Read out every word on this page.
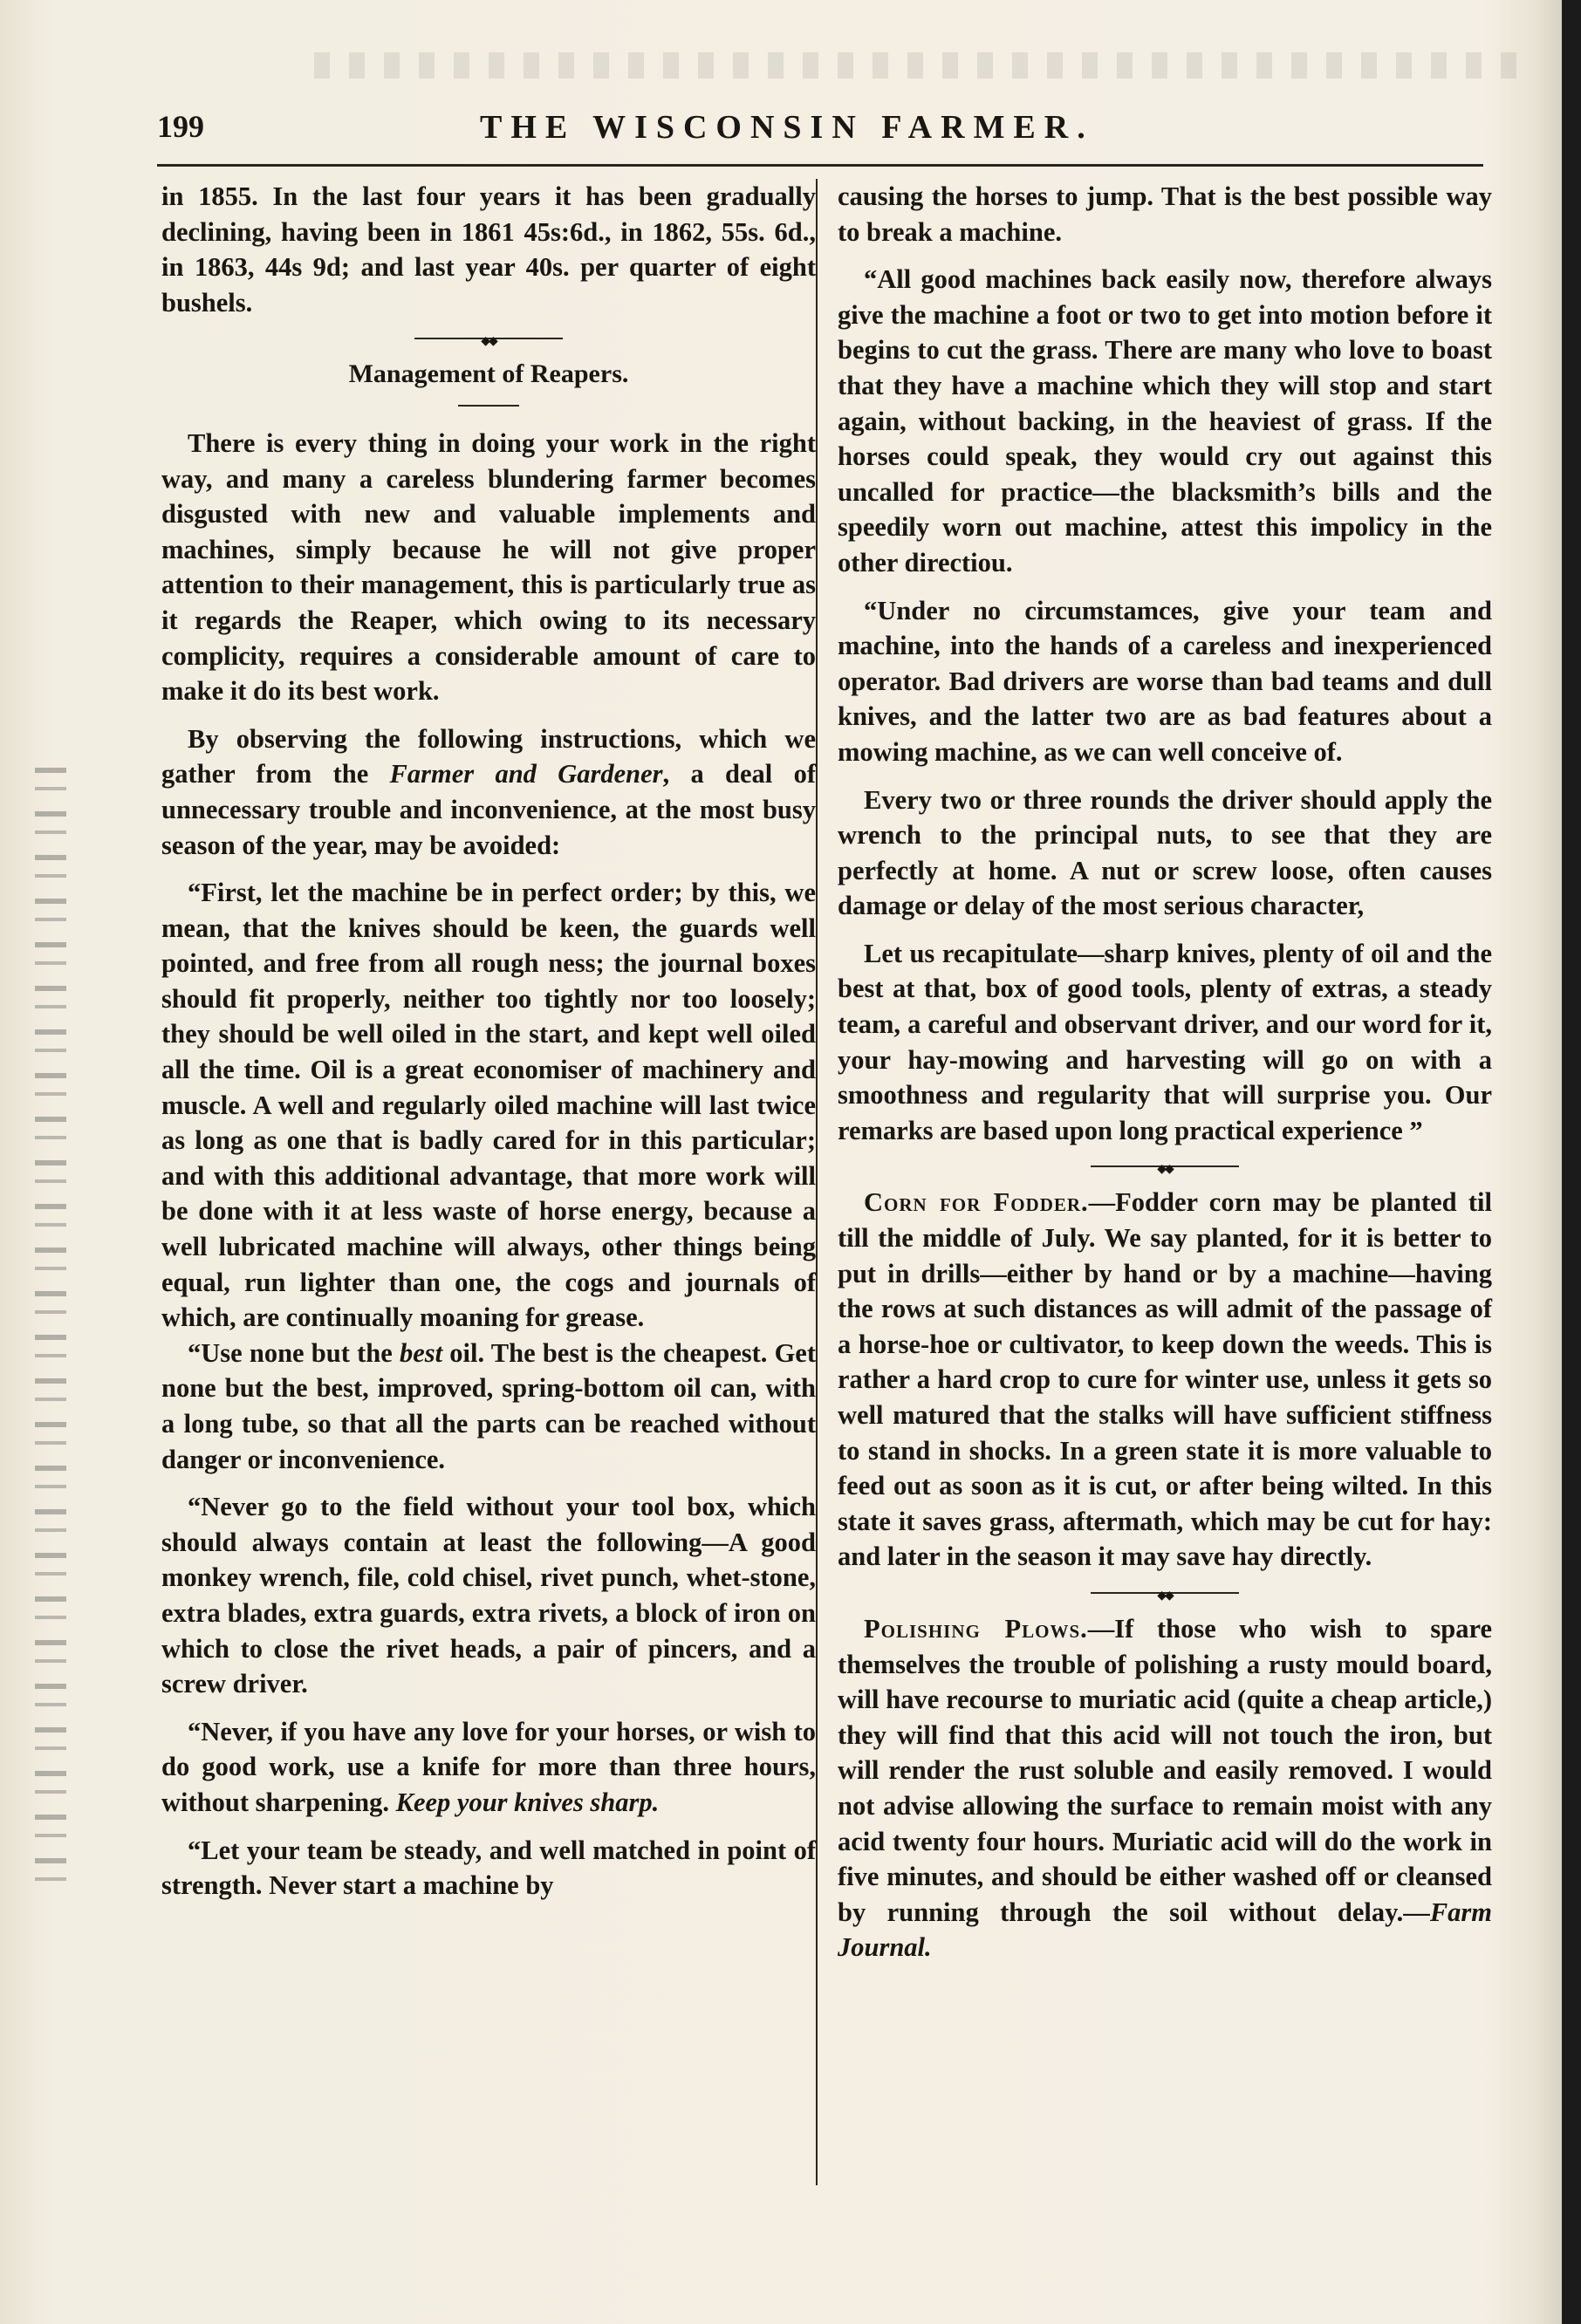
199	THE WISCONSIN FARMER.

in 1855. In the last four years it has been gradually declining, having been in 1861 45s:6d., in 1862, 55s. 6d., in 1863, 44s 9d; and last year 40s. per quarter of eight bushels.

◆◆

Management of Reapers.

There is every thing in doing your work in the right way, and many a careless blundering farmer becomes disgusted with new and valuable implements and machines, simply because he will not give proper attention to their management, this is particularly true as it regards the Reaper, which owing to its necessary complicity, requires a considerable amount of care to make it do its best work.

By observing the following instructions, which we gather from the Farmer and Gardener, a deal of unnecessary trouble and inconvenience, at the most busy season of the year, may be avoided:

“First, let the machine be in perfect order; by this, we mean, that the knives should be keen, the guards well pointed, and free from all rough ness; the journal boxes should fit properly, neither too tightly nor too loosely; they should be well oiled in the start, and kept well oiled all the time. Oil is a great economiser of machinery and muscle. A well and regularly oiled machine will last twice as long as one that is badly cared for in this particular; and with this additional advantage, that more work will be done with it at less waste of horse energy, because a well lubricated machine will always, other things being equal, run lighter than one, the cogs and journals of which, are continually moaning for grease.

“Use none but the best oil. The best is the cheapest. Get none but the best, improved, spring-bottom oil can, with a long tube, so that all the parts can be reached without danger or inconvenience.

“Never go to the field without your tool box, which should always contain at least the following—A good monkey wrench, file, cold chisel, rivet punch, whet-stone, extra blades, extra guards, extra rivets, a block of iron on which to close the rivet heads, a pair of pincers, and a screw driver.

“Never, if you have any love for your horses, or wish to do good work, use a knife for more than three hours, without sharpening. Keep your knives sharp.

“Let your team be steady, and well matched in point of strength. Never start a machine by

causing the horses to jump. That is the best possible way to break a machine.

“All good machines back easily now, therefore always give the machine a foot or two to get into motion before it begins to cut the grass. There are many who love to boast that they have a machine which they will stop and start again, without backing, in the heaviest of grass. If the horses could speak, they would cry out against this uncalled for practice—the blacksmith’s bills and the speedily worn out machine, attest this impolicy in the other directiou.

“Under no circumstamces, give your team and machine, into the hands of a careless and inexperienced operator. Bad drivers are worse than bad teams and dull knives, and the latter two are as bad features about a mowing machine, as we can well conceive of.

Every two or three rounds the driver should apply the wrench to the principal nuts, to see that they are perfectly at home. A nut or screw loose, often causes damage or delay of the most serious character,

Let us recapitulate—sharp knives, plenty of oil and the best at that, box of good tools, plenty of extras, a steady team, a careful and observant driver, and our word for it, your hay-mowing and harvesting will go on with a smoothness and regularity that will surprise you. Our remarks are based upon long practical experience ”

◆◆

Corn for Fodder.—Fodder corn may be planted til till the middle of July. We say planted, for it is better to put in drills—either by hand or by a machine—having the rows at such distances as will admit of the passage of a horse-hoe or cultivator, to keep down the weeds. This is rather a hard crop to cure for winter use, unless it gets so well matured that the stalks will have sufficient stiffness to stand in shocks. In a green state it is more valuable to feed out as soon as it is cut, or after being wilted. In this state it saves grass, aftermath, which may be cut for hay: and later in the season it may save hay directly.

◆◆

Polishing Plows.—If those who wish to spare themselves the trouble of polishing a rusty mould board, will have recourse to muriatic acid (quite a cheap article,) they will find that this acid will not touch the iron, but will render the rust soluble and easily removed. I would not advise allowing the surface to remain moist with any acid twenty four hours. Muriatic acid will do the work in five minutes, and should be either washed off or cleansed by running through the soil without delay.—Farm Journal.
